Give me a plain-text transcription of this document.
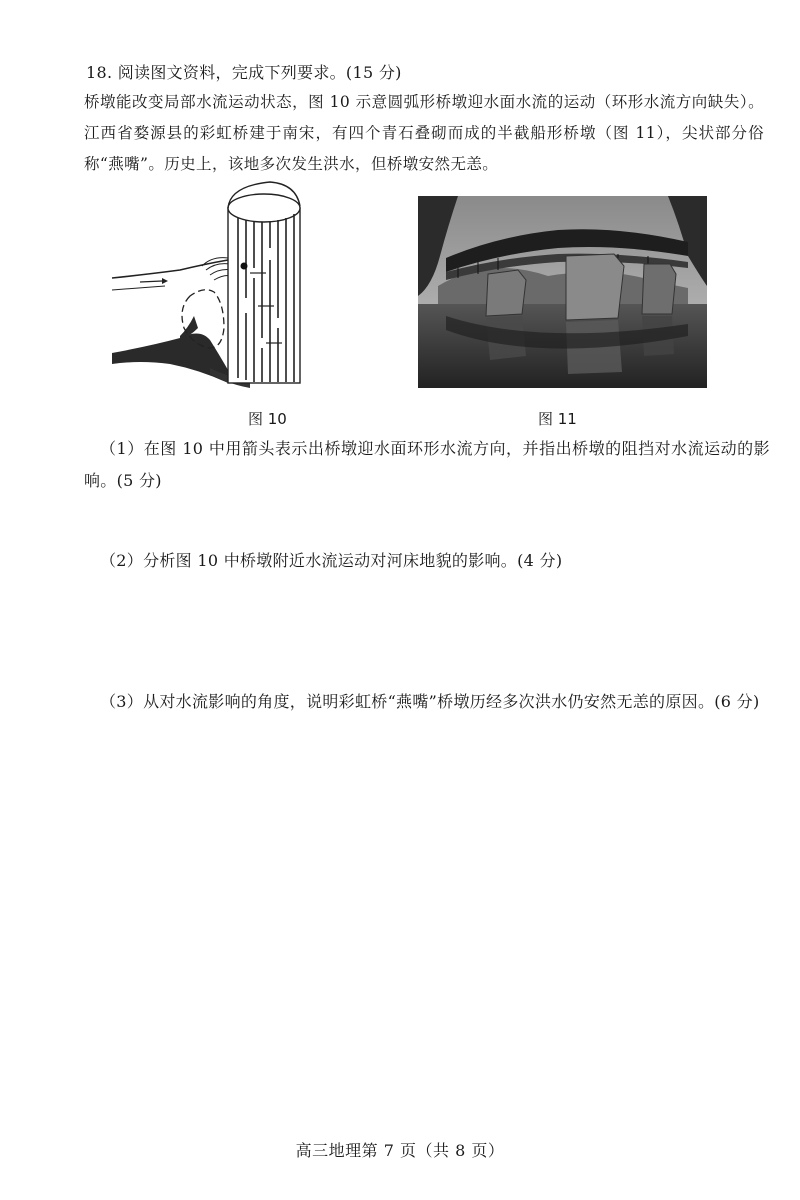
18. 阅读图文资料，完成下列要求。(15 分)
桥墩能改变局部水流运动状态，图 10 示意圆弧形桥墩迎水面水流的运动（环形水流方向缺失）。江西省婺源县的彩虹桥建于南宋，有四个青石叠砌而成的半截船形桥墩（图 11），尖状部分俗称“燕嘴”。历史上，该地多次发生洪水，但桥墩安然无恙。
图 10	图 11
（1）在图 10 中用箭头表示出桥墩迎水面环形水流方向，并指出桥墩的阻挡对水流运动的影响。(5 分)
（2）分析图 10 中桥墩附近水流运动对河床地貌的影响。(4 分)
（3）从对水流影响的角度，说明彩虹桥“燕嘴”桥墩历经多次洪水仍安然无恙的原因。(6 分)
高三地理第 7 页（共 8 页）
